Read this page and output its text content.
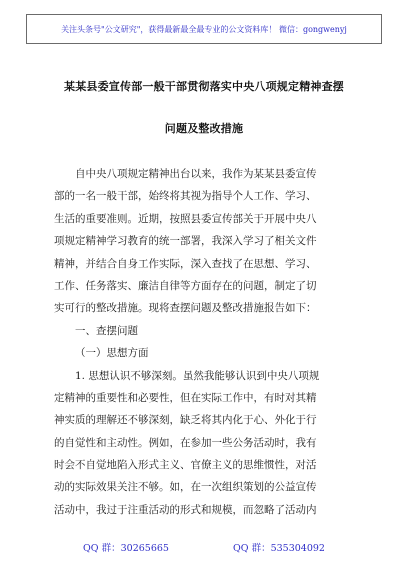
关注头条号"公文研究"，获得最新最全最专业的公文资料库！ 微信：gongwenyj
某某县委宣传部一般干部贯彻落实中央八项规定精神查摆
问题及整改措施
自中央八项规定精神出台以来，我作为某某县委宣传
部的一名一般干部，始终将其视为指导个人工作、学习、
生活的重要准则。近期，按照县委宣传部关于开展中央八
项规定精神学习教育的统一部署，我深入学习了相关文件
精神，并结合自身工作实际，深入查找了在思想、学习、
工作、任务落实、廉洁自律等方面存在的问题，制定了切
实可行的整改措施。现将查摆问题及整改措施报告如下：
一、查摆问题
（一）思想方面
1. 思想认识不够深刻。虽然我能够认识到中央八项规
定精神的重要性和必要性，但在实际工作中，有时对其精
神实质的理解还不够深刻，缺乏将其内化于心、外化于行
的自觉性和主动性。例如，在参加一些公务活动时，我有
时会不自觉地陷入形式主义、官僚主义的思维惯性，对活
动的实际效果关注不够。如，在一次组织策划的公益宣传
活动中，我过于注重活动的形式和规模，而忽略了活动内
QQ 群：30265665	QQ 群：535304092
